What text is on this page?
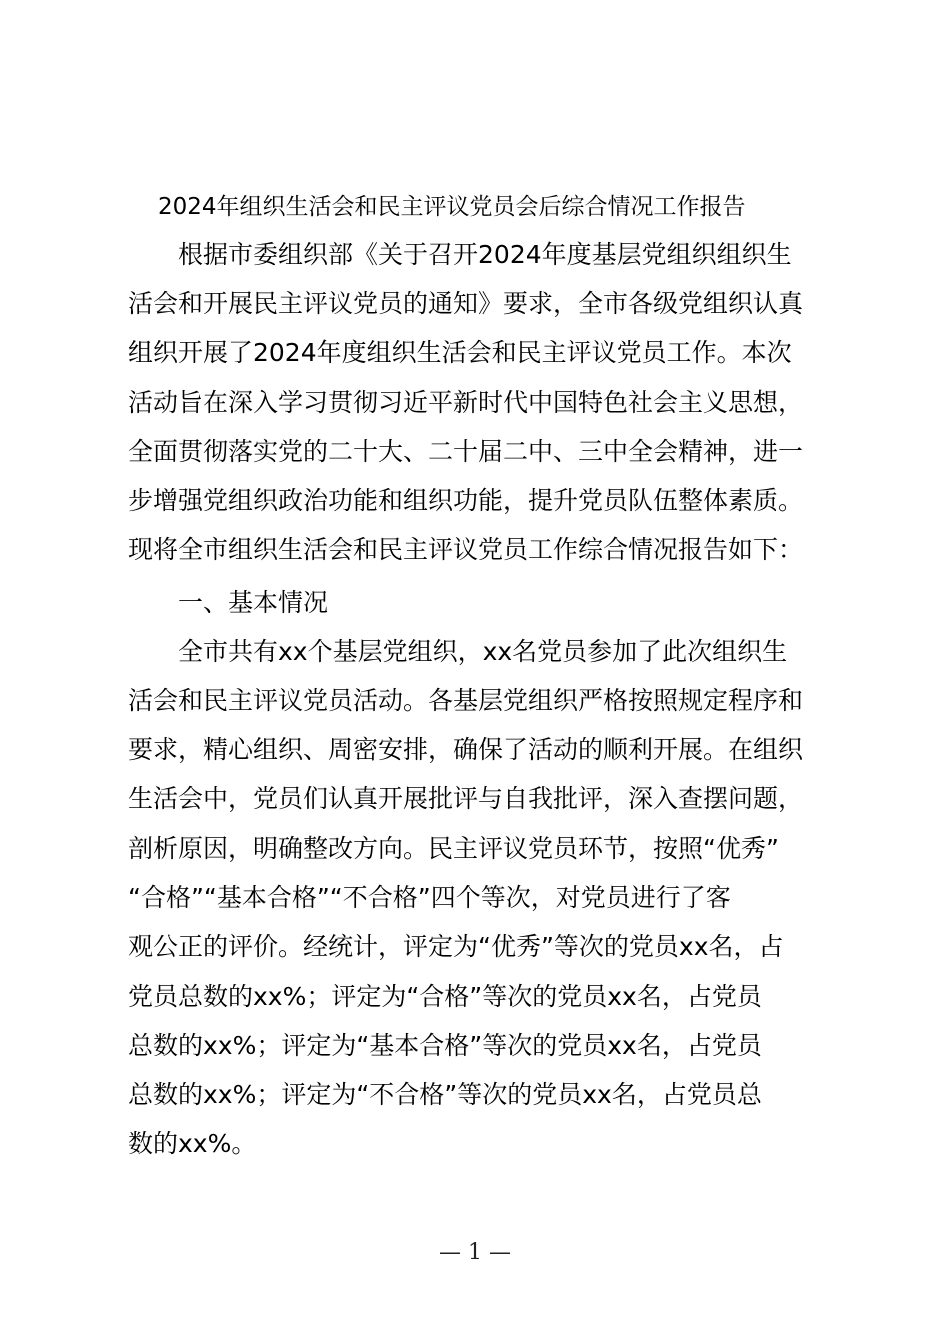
2024年组织生活会和民主评议党员会后综合情况工作报告
根据市委组织部《关于召开2024年度基层党组织组织生
活会和开展民主评议党员的通知》要求，全市各级党组织认真
组织开展了2024年度组织生活会和民主评议党员工作。本次
活动旨在深入学习贯彻习近平新时代中国特色社会主义思想，
全面贯彻落实党的二十大、二十届二中、三中全会精神，进一
步增强党组织政治功能和组织功能，提升党员队伍整体素质。
现将全市组织生活会和民主评议党员工作综合情况报告如下：
一、基本情况
全市共有xx个基层党组织，xx名党员参加了此次组织生
活会和民主评议党员活动。各基层党组织严格按照规定程序和
要求，精心组织、周密安排，确保了活动的顺利开展。在组织
生活会中，党员们认真开展批评与自我批评，深入查摆问题，
剖析原因，明确整改方向。民主评议党员环节，按照“优秀”
“合格”“基本合格”“不合格”四个等次，对党员进行了客
观公正的评价。经统计，评定为“优秀”等次的党员xx名，占
党员总数的xx%；评定为“合格”等次的党员xx名，占党员
总数的xx%；评定为“基本合格”等次的党员xx名，占党员
总数的xx%；评定为“不合格”等次的党员xx名，占党员总
数的xx%。
— 1 —
